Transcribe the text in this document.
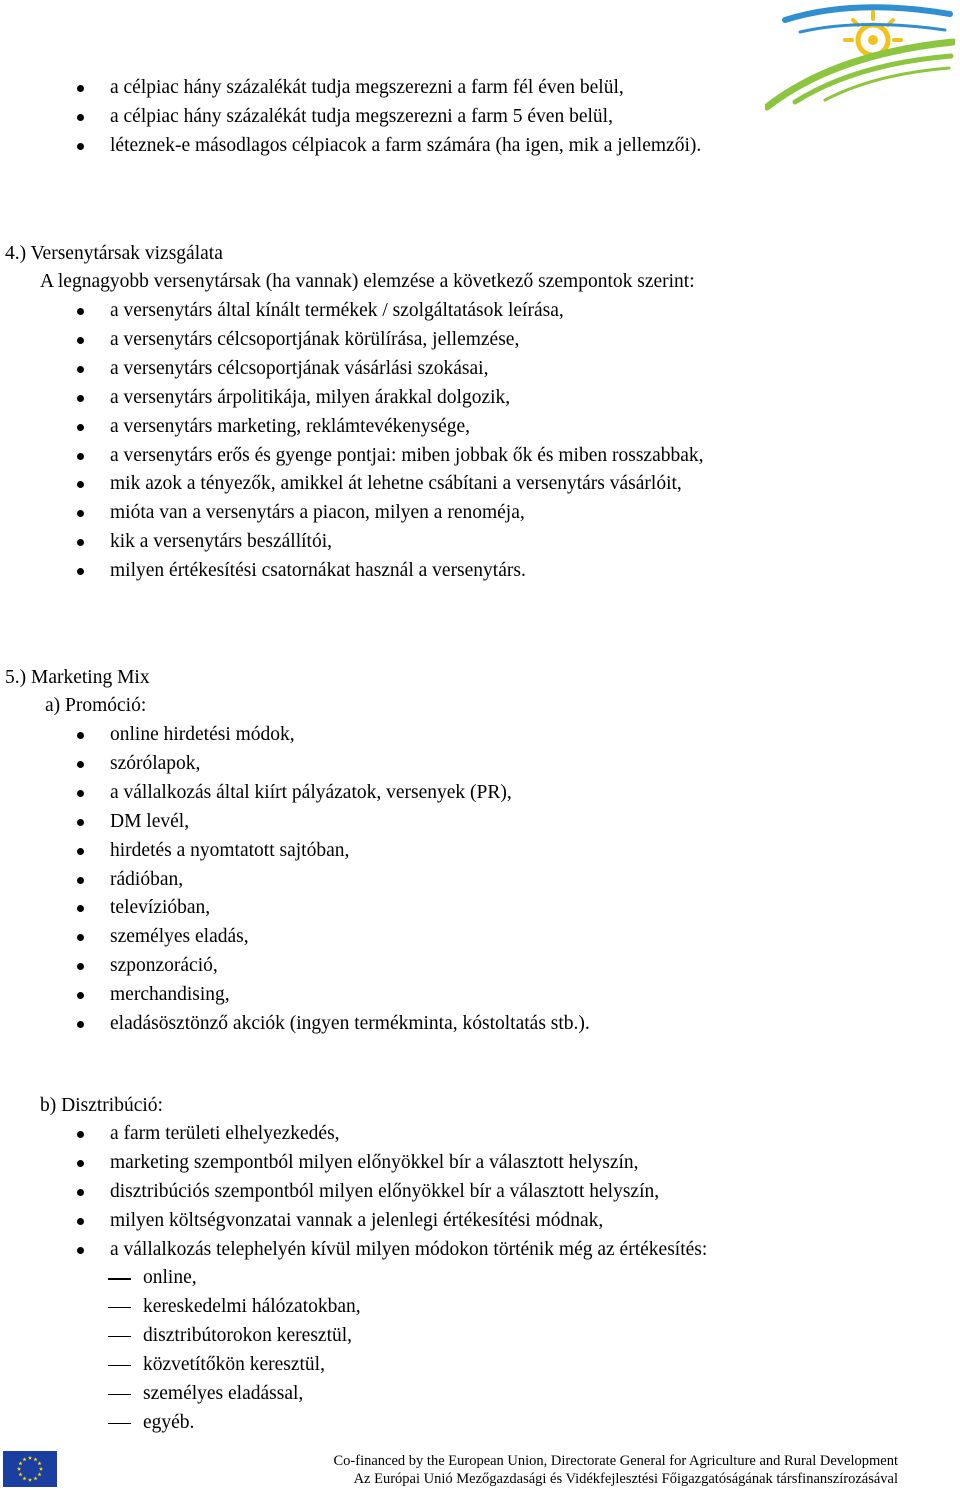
a célpiac hány százalékát tudja megszerezni a farm fél éven belül,
a célpiac hány százalékát tudja megszerezni a farm 5 éven belül,
léteznek-e másodlagos célpiacok a farm számára (ha igen, mik a jellemzői).
a versenytárs által kínált termékek / szolgáltatások leírása,
a versenytárs célcsoportjának körülírása, jellemzése,
a versenytárs célcsoportjának vásárlási szokásai,
a versenytárs árpolitikája, milyen árakkal dolgozik,
a versenytárs marketing, reklámtevékenysége,
a versenytárs erős és gyenge pontjai: miben jobbak ők és miben rosszabbak,
mik azok a tényezők, amikkel át lehetne csábítani a versenytárs vásárlóit,
mióta van a versenytárs a piacon, milyen a renoméja,
kik a versenytárs beszállítói,
milyen értékesítési csatornákat használ a versenytárs.
online hirdetési módok,
szórólapok,
a vállalkozás által kiírt pályázatok, versenyek (PR),
DM levél,
hirdetés a nyomtatott sajtóban,
rádióban,
televízióban,
személyes eladás,
szponzoráció,
merchandising,
eladásösztönző akciók (ingyen termékminta, kóstoltatás stb.).
a farm területi elhelyezkedés,
marketing szempontból milyen előnyökkel bír a választott helyszín,
disztribúciós szempontból milyen előnyökkel bír a választott helyszín,
milyen költségvonzatai vannak a jelenlegi értékesítési módnak,
a vállalkozás telephelyén kívül milyen módokon történik még az értékesítés:
online,
kereskedelmi hálózatokban,
disztribútorokon keresztül,
közvetítőkön keresztül,
személyes eladással,
egyéb.
4.) Versenytársak vizsgálata
A legnagyobb versenytársak (ha vannak) elemzése a következő szempontok szerint:
5.) Marketing Mix
a) Promóció:
b) Disztribúció:
Co-financed by the European Union, Directorate General for Agriculture and Rural Development
Az Európai Unió Mezőgazdasági és Vidékfejlesztési Főigazgatóságának társfinanszírozásával
